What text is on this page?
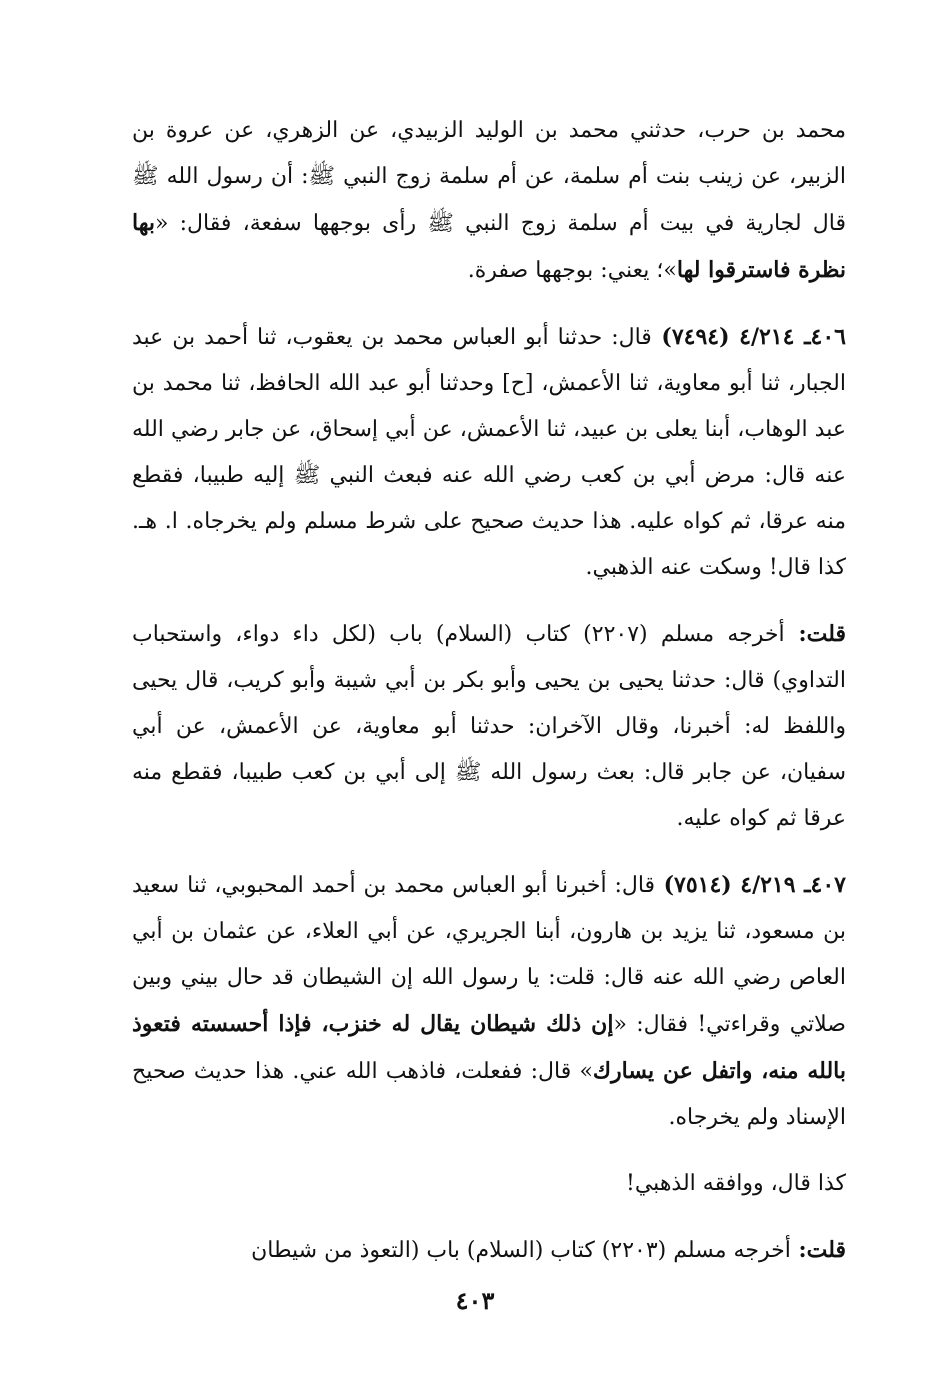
محمد بن حرب، حدثني محمد بن الوليد الزبيدي، عن الزهري، عن عروة بن الزبير، عن زينب بنت أم سلمة، عن أم سلمة زوج النبي ﷺ: أن رسول الله ﷺ قال لجارية في بيت أم سلمة زوج النبي ﷺ رأى بوجهها سفعة، فقال: «بها نظرة فاسترقوا لها»؛ يعني: بوجهها صفرة.

٤٠٦ـ ٤/٢١٤ (٧٤٩٤) قال: حدثنا أبو العباس محمد بن يعقوب، ثنا أحمد بن عبد الجبار، ثنا أبو معاوية، ثنا الأعمش، [ح] وحدثنا أبو عبد الله الحافظ، ثنا محمد بن عبد الوهاب، أبنا يعلى بن عبيد، ثنا الأعمش، عن أبي إسحاق، عن جابر رضي الله عنه قال: مرض أبي بن كعب رضي الله عنه فبعث النبي ﷺ إليه طبيبا، فقطع منه عرقا، ثم كواه عليه. هذا حديث صحيح على شرط مسلم ولم يخرجاه. ا. هـ. كذا قال! وسكت عنه الذهبي.

قلت: أخرجه مسلم (٢٢٠٧) كتاب (السلام) باب (لكل داء دواء، واستحباب التداوي) قال: حدثنا يحيى بن يحيى وأبو بكر بن أبي شيبة وأبو كريب، قال يحيى واللفظ له: أخبرنا، وقال الآخران: حدثنا أبو معاوية، عن الأعمش، عن أبي سفيان، عن جابر قال: بعث رسول الله ﷺ إلى أبي بن كعب طبيبا، فقطع منه عرقا ثم كواه عليه.

٤٠٧ـ ٤/٢١٩ (٧٥١٤) قال: أخبرنا أبو العباس محمد بن أحمد المحبوبي، ثنا سعيد بن مسعود، ثنا يزيد بن هارون، أبنا الجريري، عن أبي العلاء، عن عثمان بن أبي العاص رضي الله عنه قال: قلت: يا رسول الله إن الشيطان قد حال بيني وبين صلاتي وقراءتي! فقال: «إن ذلك شيطان يقال له خنزب، فإذا أحسسته فتعوذ بالله منه، واتفل عن يسارك» قال: ففعلت، فاذهب الله عني. هذا حديث صحيح الإسناد ولم يخرجاه.

كذا قال، ووافقه الذهبي!

قلت: أخرجه مسلم (٢٢٠٣) كتاب (السلام) باب (التعوذ من شيطان

٤٠٣
